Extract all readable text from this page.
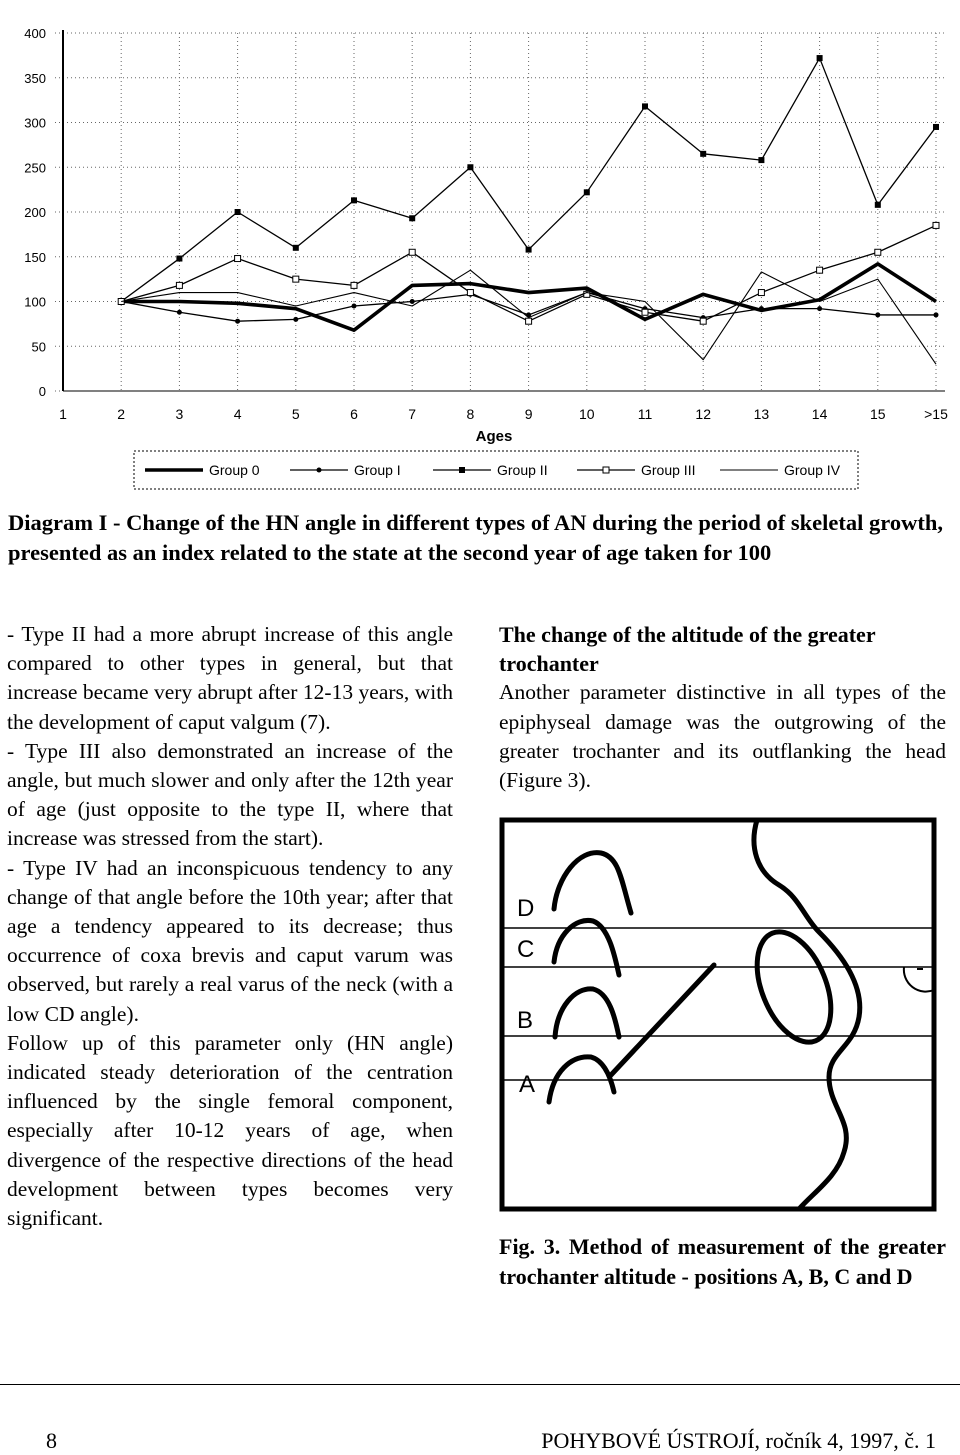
0
50
100
150
200
250
300
350
400
1	2	3	4	5	6	7	8	9	10	11	12	13	14	15	>15
Ages
Group 0	Group I	Group II	Group III	Group IV
Diagram I - Change of the HN angle in different types of AN during the period of skeletal growth, presented as an index related to the state at the second year of age taken for 100

- Type II had a more abrupt increase of this angle compared to other types in general, but that increase became very abrupt after 12-13 years, with the development of caput valgum (7).

- Type III also demonstrated an increase of the angle, but much slower and only after the 12th year of age (just opposite to the type II, where that increase was stressed from the start).

- Type IV had an inconspicuous tendency to any change of that angle before the 10th year; after that age a tendency appeared to its decrease; thus occurrence of coxa brevis and caput varum was observed, but rarely a real varus of the neck (with a low CD angle).

Follow up of this parameter only (HN angle) indicated steady deterioration of the centration influenced by the single femoral component, especially after 10-12 years of age, when divergence of the respective directions of the head development between types becomes very significant.

The change of the altitude of the greater trochanter

Another parameter distinctive in all types of the epiphyseal damage was the outgrowing of the greater trochanter and its outflanking the head (Figure 3).

D
C
B
A
Fig. 3. Method of measurement of the greater trochanter altitude - positions A, B, C and D
8	POHYBOVÉ ÚSTROJÍ, ročník 4, 1997, č. 1
